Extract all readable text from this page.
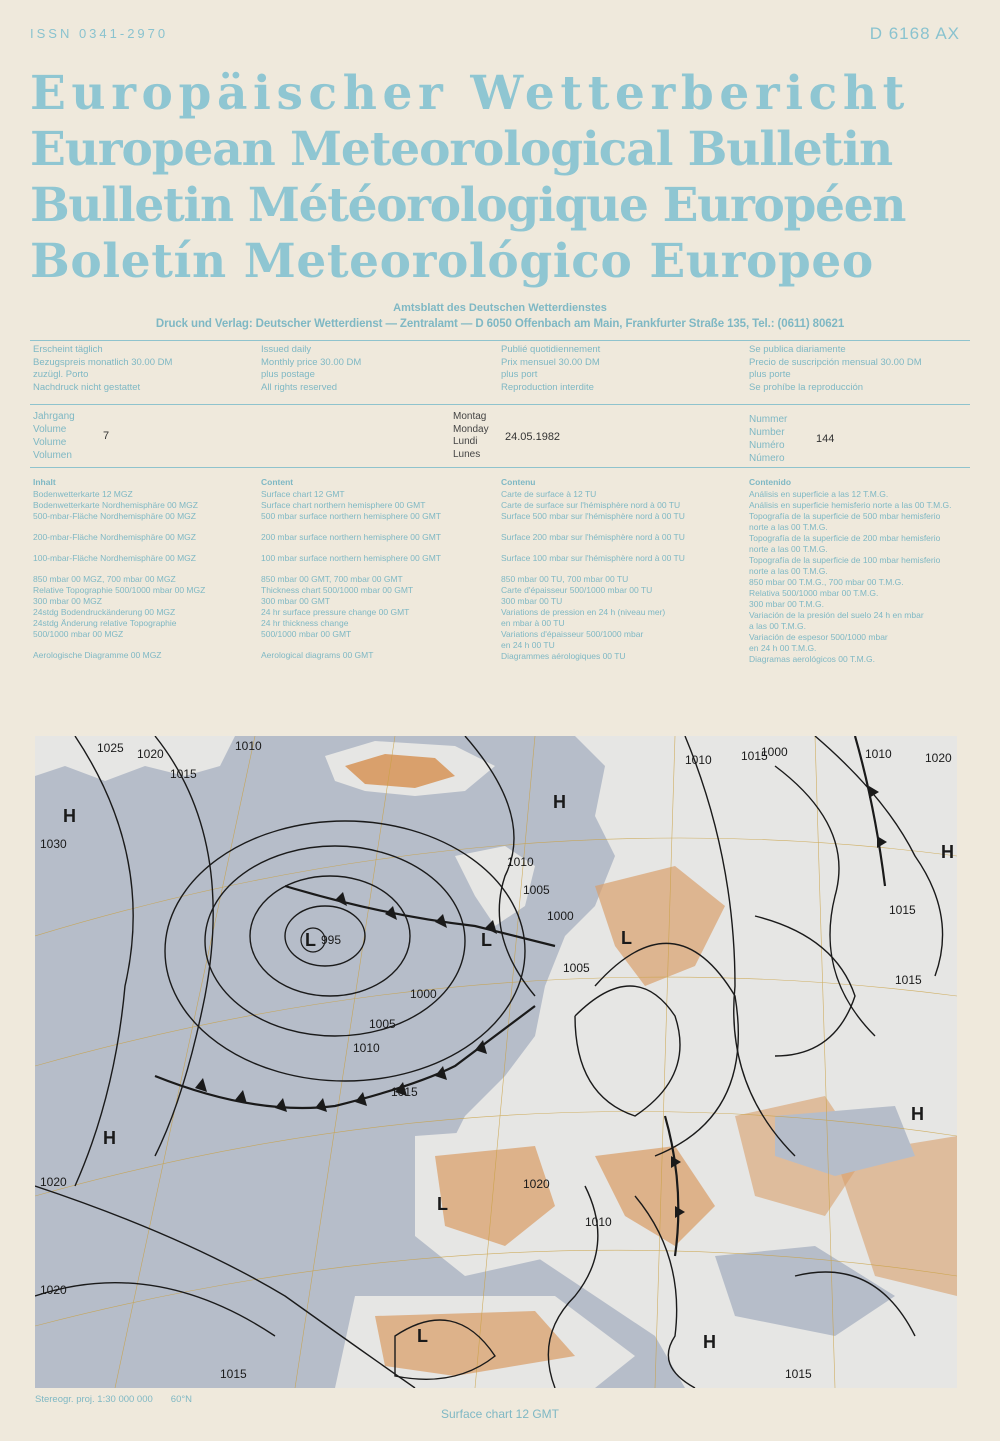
ISSN 0341-2970	D 6168 AX
Europäischer Wetterbericht
European Meteorological Bulletin
Bulletin Météorologique Européen
Boletín Meteorológico Europeo
Amtsblatt des Deutschen Wetterdienstes
Druck und Verlag: Deutscher Wetterdienst — Zentralamt — D 6050 Offenbach am Main, Frankfurter Straße 135, Tel.: (0611) 80621
Erscheint täglich
Bezugspreis monatlich 30.00 DM
zuzügl. Porto
Nachdruck nicht gestattet
Issued daily
Monthly price 30.00 DM
plus postage
All rights reserved
Publié quotidiennement
Prix mensuel 30.00 DM
plus port
Reproduction interdite
Se publica diariamente
Precio de suscripción mensual 30.00 DM
plus porte
Se prohíbe la reproducción
Jahrgang
Volume
Volume
Volumen
7
Montag
Monday
Lundi
Lunes
24.05.1982
Nummer
Number
Numéro
Número
144
Inhalt
Bodenwetterkarte 12 MGZ
Bodenwetterkarte Nordhemisphäre 00 MGZ
500-mbar-Fläche Nordhemisphäre 00 MGZ
200-mbar-Fläche Nordhemisphäre 00 MGZ
100-mbar-Fläche Nordhemisphäre 00 MGZ
850 mbar 00 MGZ, 700 mbar 00 MGZ
Relative Topographie 500/1000 mbar 00 MGZ
300 mbar 00 MGZ
24stdg Bodendruckänderung 00 MGZ
24stdg Änderung relative Topographie
500/1000 mbar 00 MGZ
Aerologische Diagramme 00 MGZ
Content
Surface chart 12 GMT
Surface chart northern hemisphere 00 GMT
500 mbar surface northern hemisphere 00 GMT
200 mbar surface northern hemisphere 00 GMT
100 mbar surface northern hemisphere 00 GMT
850 mbar 00 GMT, 700 mbar 00 GMT
Thickness chart 500/1000 mbar 00 GMT
300 mbar 00 GMT
24 hr surface pressure change 00 GMT
24 hr thickness change
500/1000 mbar 00 GMT
Aerological diagrams 00 GMT
Contenu
Carte de surface à 12 TU
Carte de surface sur l'hémisphère nord à 00 TU
Surface 500 mbar sur l'hémisphère nord à 00 TU
Surface 200 mbar sur l'hémisphère nord à 00 TU
Surface 100 mbar sur l'hémisphère nord à 00 TU
850 mbar 00 TU, 700 mbar 00 TU
Carte d'épaisseur 500/1000 mbar 00 TU
300 mbar 00 TU
Variations de pression en 24 h (niveau mer)
en mbar à 00 TU
Variations d'épaisseur 500/1000 mbar
en 24 h 00 TU
Diagrammes aérologiques 00 TU
Contenido
Análisis en superficie a las 12 T.M.G.
Análisis en superficie hemisferio norte a las 00 T.M.G.
Topografía de la superficie de 500 mbar hemisferio
norte a las 00 T.M.G.
Topografía de la superficie de 200 mbar hemisferio
norte a las 00 T.M.G.
Topografía de la superficie de 100 mbar hemisferio
norte a las 00 T.M.G.
850 mbar 00 T.M.G., 700 mbar 00 T.M.G.
Relativa 500/1000 mbar 00 T.M.G.
300 mbar 00 T.M.G.
Variación de la presión del suelo 24 h en mbar
a las 00 T.M.G.
Variación de espesor 500/1000 mbar
en 24 h 00 T.M.G.
Diagramas aerológicos 00 T.M.G.
1025 1020
1010
1015
1030
995
1000
1005
1010
1015
1020
1020
1015
1010
1000
1005
1010
1005
1020
1015
1015
1010
1015
1020
1010
1000
1015
H
L	L
H
H
L
H
L
H
L
H
Stereogr. proj. 1:30 000 000 60°N
Surface chart 12 GMT
